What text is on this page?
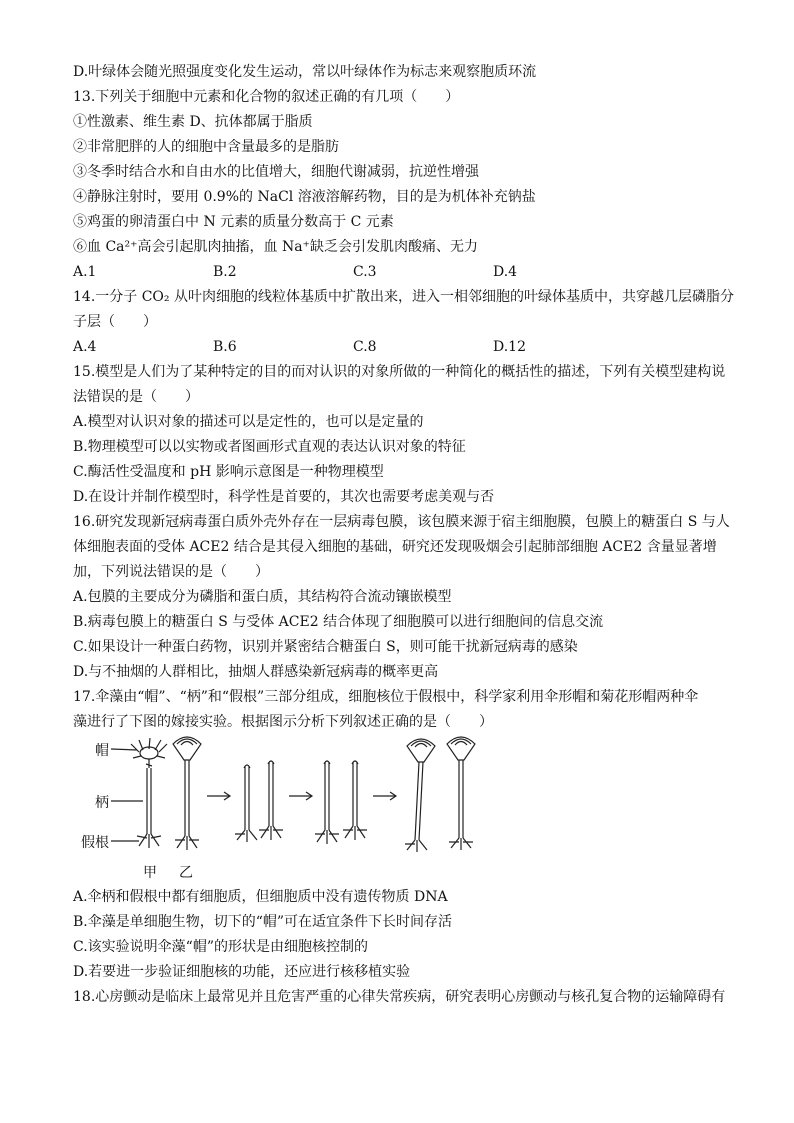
D.叶绿体会随光照强度变化发生运动，常以叶绿体作为标志来观察胞质环流
13.下列关于细胞中元素和化合物的叙述正确的有几项（　　）
①性激素、维生素 D、抗体都属于脂质
②非常肥胖的人的细胞中含量最多的是脂肪
③冬季时结合水和自由水的比值增大，细胞代谢减弱，抗逆性增强
④静脉注射时，要用 0.9%的 NaCl 溶液溶解药物，目的是为机体补充钠盐
⑤鸡蛋的卵清蛋白中 N 元素的质量分数高于 C 元素
⑥血 Ca²⁺高会引起肌肉抽搐，血 Na⁺缺乏会引发肌肉酸痛、无力
A.1	B.2	C.3	D.4
14.一分子 CO₂ 从叶肉细胞的线粒体基质中扩散出来，进入一相邻细胞的叶绿体基质中，共穿越几层磷脂分
子层（　　）
A.4	B.6	C.8	D.12
15.模型是人们为了某种特定的目的而对认识的对象所做的一种简化的概括性的描述，下列有关模型建构说
法错误的是（　　）
A.模型对认识对象的描述可以是定性的，也可以是定量的
B.物理模型可以以实物或者图画形式直观的表达认识对象的特征
C.酶活性受温度和 pH 影响示意图是一种物理模型
D.在设计并制作模型时，科学性是首要的，其次也需要考虑美观与否
16.研究发现新冠病毒蛋白质外壳外存在一层病毒包膜，该包膜来源于宿主细胞膜，包膜上的糖蛋白 S 与人
体细胞表面的受体 ACE2 结合是其侵入细胞的基础，研究还发现吸烟会引起肺部细胞 ACE2 含量显著增
加，下列说法错误的是（　　）
A.包膜的主要成分为磷脂和蛋白质，其结构符合流动镶嵌模型
B.病毒包膜上的糖蛋白 S 与受体 ACE2 结合体现了细胞膜可以进行细胞间的信息交流
C.如果设计一种蛋白药物，识别并紧密结合糖蛋白 S，则可能干扰新冠病毒的感染
D.与不抽烟的人群相比，抽烟人群感染新冠病毒的概率更高
17.伞藻由“帽”、“柄”和“假根”三部分组成，细胞核位于假根中，科学家利用伞形帽和菊花形帽两种伞
藻进行了下图的嫁接实验。根据图示分析下列叙述正确的是（　　）
帽
柄
假根
甲 乙
A.伞柄和假根中都有细胞质，但细胞质中没有遗传物质 DNA
B.伞藻是单细胞生物，切下的“帽”可在适宜条件下长时间存活
C.该实验说明伞藻“帽”的形状是由细胞核控制的
D.若要进一步验证细胞核的功能，还应进行核移植实验
18.心房颤动是临床上最常见并且危害严重的心律失常疾病，研究表明心房颤动与核孔复合物的运输障碍有
